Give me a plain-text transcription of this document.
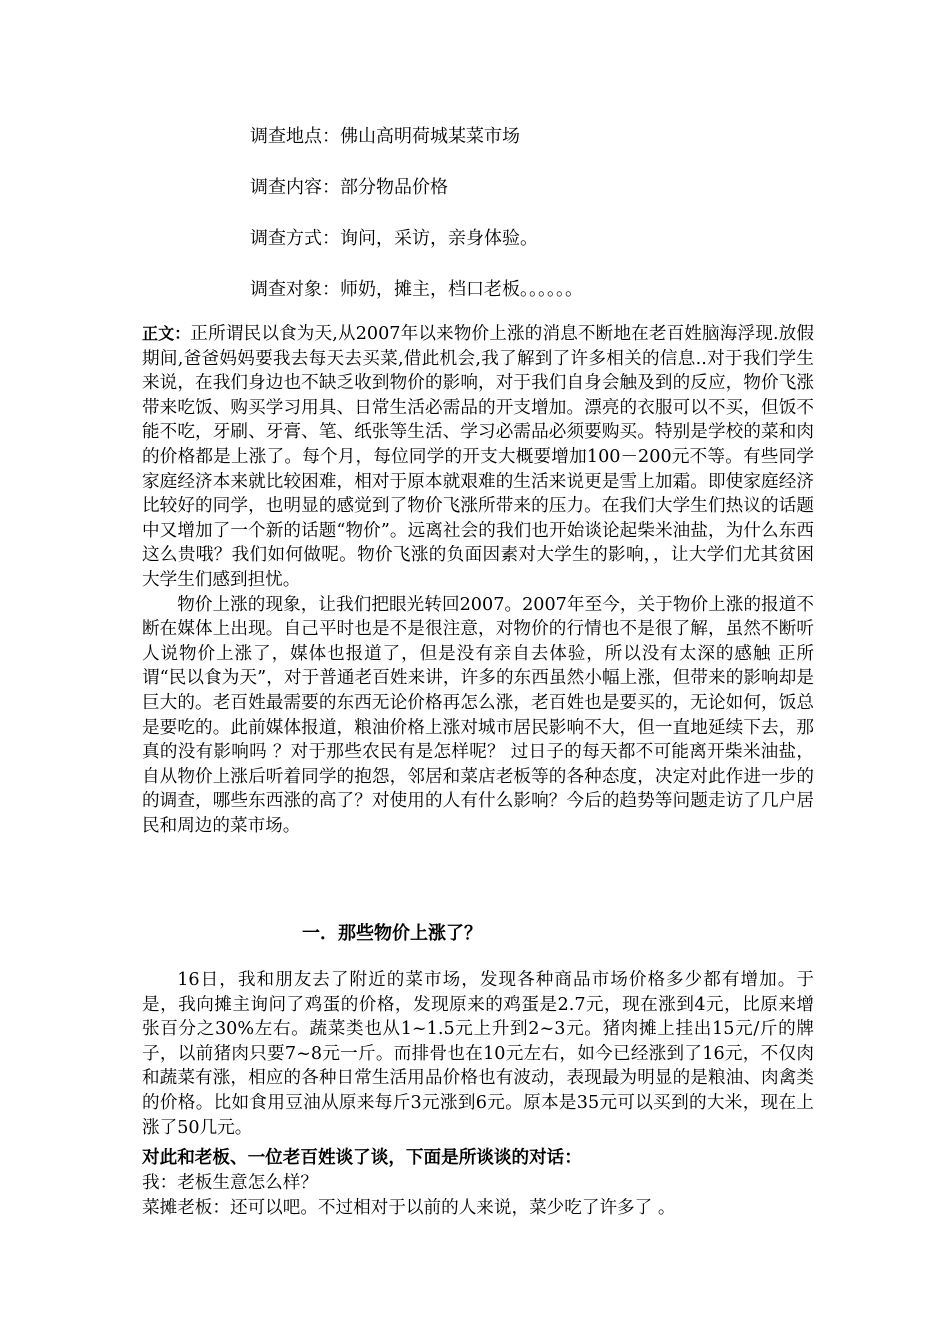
调查地点：佛山高明荷城某菜市场
调查内容：部分物品价格
调查方式：询问，采访，亲身体验。
调查对象：师奶，摊主，档口老板。。。。。。

正文：正所谓民以食为天,从2007年以来物价上涨的消息不断地在老百姓脑海浮现.放假期间,爸爸妈妈要我去每天去买菜,借此机会,我了解到了许多相关的信息..对于我们学生来说，在我们身边也不缺乏收到物价的影响，对于我们自身会触及到的反应，物价飞涨带来吃饭、购买学习用具、日常生活必需品的开支增加。漂亮的衣服可以不买，但饭不能不吃，牙刷、牙膏、笔、纸张等生活、学习必需品必须要购买。特别是学校的菜和肉的价格都是上涨了。每个月，每位同学的开支大概要增加100－200元不等。有些同学家庭经济本来就比较困难，相对于原本就艰难的生活来说更是雪上加霜。即使家庭经济比较好的同学，也明显的感觉到了物价飞涨所带来的压力。在我们大学生们热议的话题中又增加了一个新的话题“物价”。远离社会的我们也开始谈论起柴米油盐，为什么东西这么贵哦？我们如何做呢。物价飞涨的负面因素对大学生的影响，，让大学们尤其贫困大学生们感到担忧。

物价上涨的现象，让我们把眼光转回2007。2007年至今，关于物价上涨的报道不断在媒体上出现。自己平时也是不是很注意，对物价的行情也不是很了解，虽然不断听人说物价上涨了，媒体也报道了，但是没有亲自去体验，所以没有太深的感触 正所谓“民以食为天”，对于普通老百姓来讲，许多的东西虽然小幅上涨，但带来的影响却是巨大的。老百姓最需要的东西无论价格再怎么涨，老百姓也是要买的，无论如何，饭总是要吃的。此前媒体报道，粮油价格上涨对城市居民影响不大，但一直地延续下去，那真的没有影响吗 ？对于那些农民有是怎样呢？ 过日子的每天都不可能离开柴米油盐，自从物价上涨后听着同学的抱怨，邻居和菜店老板等的各种态度，决定对此作进一步的的调查，哪些东西涨的高了？对使用的人有什么影响？今后的趋势等问题走访了几户居民和周边的菜市场。

一．那些物价上涨了？

16日，我和朋友去了附近的菜市场，发现各种商品市场价格多少都有增加。于是，我向摊主询问了鸡蛋的价格，发现原来的鸡蛋是2.7元，现在涨到4元，比原来增张百分之30%左右。蔬菜类也从1~1.5元上升到2~3元。猪肉摊上挂出15元/斤的牌子，以前猪肉只要7~8元一斤。而排骨也在10元左右，如今已经涨到了16元，不仅肉和蔬菜有涨，相应的各种日常生活用品价格也有波动，表现最为明显的是粮油、肉禽类的价格。比如食用豆油从原来每斤3元涨到6元。原本是35元可以买到的大米，现在上涨了50几元。

对此和老板、一位老百姓谈了谈，下面是所谈谈的对话：
我：老板生意怎么样？
菜摊老板：还可以吧。不过相对于以前的人来说，菜少吃了许多了 。
